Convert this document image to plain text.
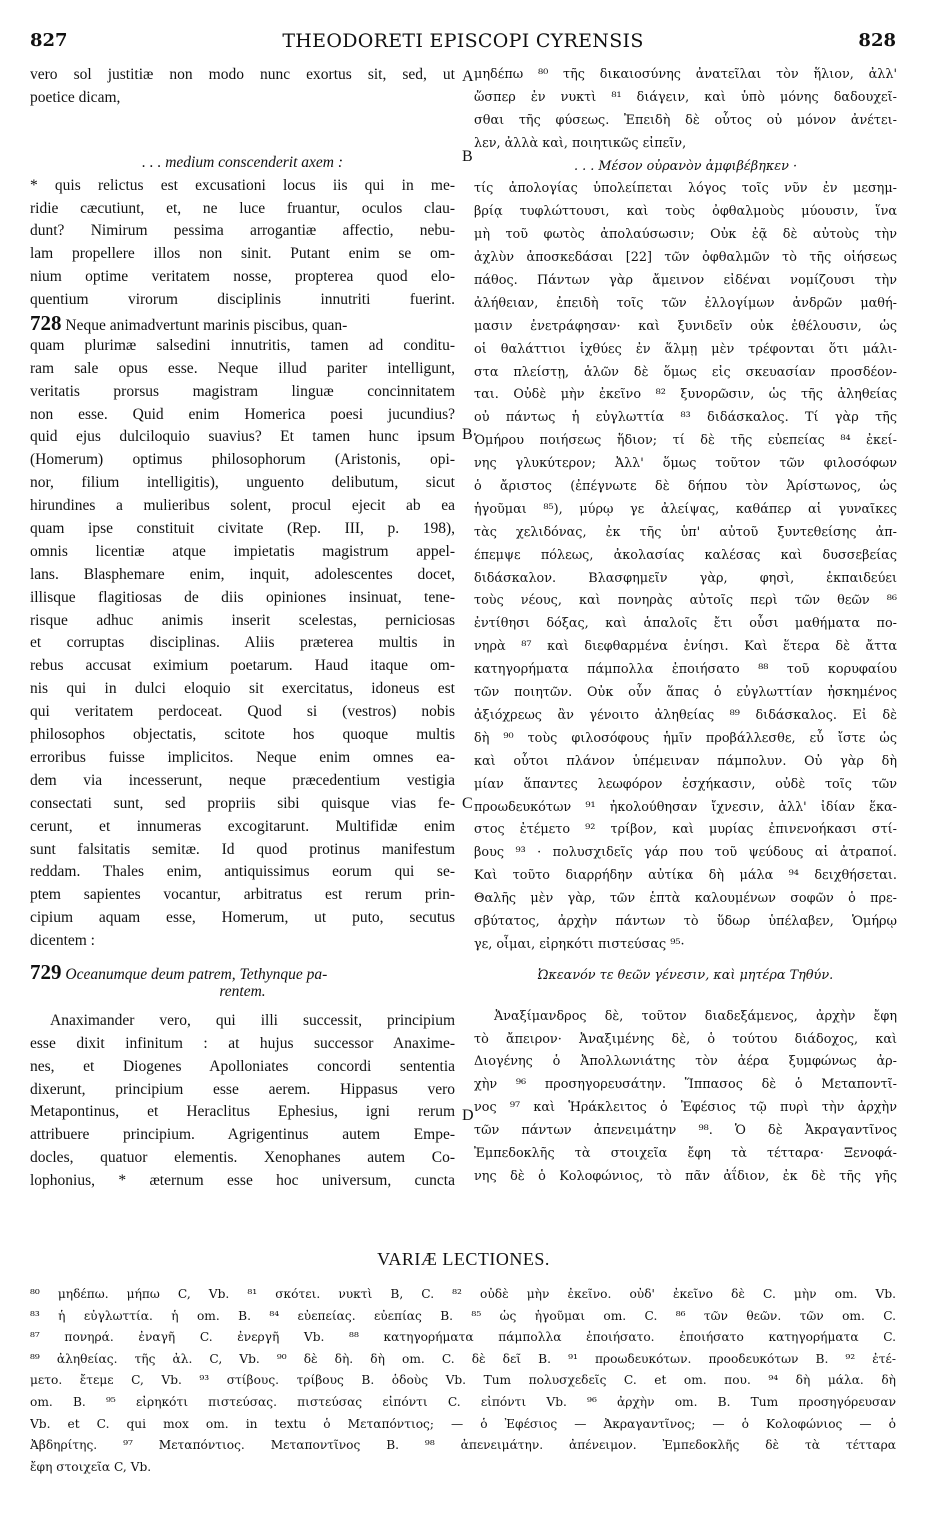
827	THEODORETI EPISCOPI CYRENSIS	828
vero sol justitiæ non modo nunc exortus sit, sed, ut
poetice dicam,
. . . medium conscenderit axem :
* quis relictus est excusationi locus iis qui in me-
ridie cæcutiunt, et, ne luce fruantur, oculos clau-
dunt? Nimirum pessima arrogantiæ affectio, nebu-
lam propellere illos non sinit. Putant enim se om-
nium optime veritatem nosse, propterea quod elo-
quentium virorum disciplinis innutriti fuerint.
728 Neque animadvertunt marinis piscibus, quan-
quam plurimæ salsedini innutritis, tamen ad conditu-
ram sale opus esse. Neque illud pariter intelligunt,
veritatis prorsus magistram linguæ concinnitatem
non esse. Quid enim Homerica poesi jucundius?
quid ejus dulciloquio suavius? Et tamen hunc ipsum
(Homerum) optimus philosophorum (Aristonis, opi-
nor, filium intelligitis), unguento delibutum, sicut
hirundines a mulieribus solent, procul ejecit ab ea
quam ipse constituit civitate (Rep. III, p. 198),
omnis licentiæ atque impietatis magistrum appel-
lans. Blasphemare enim, inquit, adolescentes docet,
illisque flagitiosas de diis opiniones insinuat, tene-
risque adhuc animis inserit scelestas, perniciosas
et corruptas disciplinas. Aliis præterea multis in
rebus accusat eximium poetarum. Haud itaque om-
nis qui in dulci eloquio sit exercitatus, idoneus est
qui veritatem perdoceat. Quod si (vestros) nobis
philosophos objectatis, scitote hos quoque multis
erroribus fuisse implicitos. Neque enim omnes ea-
dem via incesserunt, neque præcedentium vestigia
consectati sunt, sed propriis sibi quisque vias fe-
cerunt, et innumeras excogitarunt. Multifidæ enim
sunt falsitatis semitæ. Id quod protinus manifestum
reddam. Thales enim, antiquissimus eorum qui se-
ptem sapientes vocantur, arbitratus est rerum prin-
cipium aquam esse, Homerum, ut puto, secutus
dicentem :
729 Oceanumque deum patrem, Tethynque pa-
rentem.
Anaximander vero, qui illi successit, principium
esse dixit infinitum : at hujus successor Anaxime-
nes, et Diogenes Apolloniates concordi sententia
dixerunt, principium esse aerem. Hippasus vero
Metapontinus, et Heraclitus Ephesius, igni rerum
attribuere principium. Agrigentinus autem Empe-
docles, quatuor elementis. Xenophanes autem Co-
lophonius, * æternum esse hoc universum, cuncta
A
B
B
C
D
μηδέπω ⁸⁰ τῆς δικαιοσύνης ἀνατεῖλαι τὸν ἥλιον, ἀλλ'
ὥσπερ ἐν νυκτὶ ⁸¹ διάγειν, καὶ ὑπὸ μόνης δαδουχεῖ-
σθαι τῆς φύσεως. Ἐπειδὴ δὲ οὗτος οὐ μόνον ἀνέτει-
λεν, ἀλλὰ καὶ, ποιητικῶς εἰπεῖν,
. . . Μέσον οὐρανὸν ἀμφιβέβηκεν ·
τίς ἀπολογίας ὑπολείπεται λόγος τοῖς νῦν ἐν μεσημ-
βρίᾳ τυφλώττουσι, καὶ τοὺς ὀφθαλμοὺς μύουσιν, ἵνα
μὴ τοῦ φωτὸς ἀπολαύσωσιν; Οὐκ ἐᾷ δὲ αὐτοὺς τὴν
ἀχλὺν ἀποσκεδάσαι [22] τῶν ὀφθαλμῶν τὸ τῆς οἰήσεως
πάθος. Πάντων γὰρ ἄμεινον εἰδέναι νομίζουσι τὴν
ἀλήθειαν, ἐπειδὴ τοῖς τῶν ἐλλογίμων ἀνδρῶν μαθή-
μασιν ἐνετράφησαν· καὶ ξυνιδεῖν οὐκ ἐθέλουσιν, ὡς
οἱ θαλάττιοι ἰχθύες ἐν ἅλμῃ μὲν τρέφονται ὅτι μάλι-
στα πλείστῃ, ἁλῶν δὲ ὅμως εἰς σκευασίαν προσδέον-
ται. Οὐδὲ μὴν ἐκεῖνο ⁸² ξυνορῶσιν, ὡς τῆς ἀληθείας
οὐ πάντως ἡ εὐγλωττία ⁸³ διδάσκαλος. Τί γὰρ τῆς
Ὁμήρου ποιήσεως ἥδιον; τί δὲ τῆς εὐεπείας ⁸⁴ ἐκεί-
νης γλυκύτερον; Ἀλλ' ὅμως τοῦτον τῶν φιλοσόφων
ὁ ἄριστος (ἐπέγνωτε δὲ δήπου τὸν Ἀρίστωνος, ὡς
ἡγοῦμαι ⁸⁵), μύρῳ γε ἀλείψας, καθάπερ αἱ γυναῖκες
τὰς χελιδόνας, ἐκ τῆς ὑπ' αὐτοῦ ξυντεθείσης ἀπ-
έπεμψε πόλεως, ἀκολασίας καλέσας καὶ δυσσεβείας
διδάσκαλον. Βλασφημεῖν γὰρ, φησὶ, ἐκπαιδεύει
τοὺς νέους, καὶ πονηρὰς αὐτοῖς περὶ τῶν θεῶν ⁸⁶
ἐντίθησι δόξας, καὶ ἁπαλοῖς ἔτι οὖσι μαθήματα πο-
νηρὰ ⁸⁷ καὶ διεφθαρμένα ἐνίησι. Καὶ ἕτερα δὲ ἄττα
κατηγορήματα πάμπολλα ἐποιήσατο ⁸⁸ τοῦ κορυφαίου
τῶν ποιητῶν. Οὐκ οὖν ἅπας ὁ εὐγλωττίαν ἠσκημένος
ἀξιόχρεως ἂν γένοιτο ἀληθείας ⁸⁹ διδάσκαλος. Εἰ δὲ
δὴ ⁹⁰ τοὺς φιλοσόφους ἡμῖν προβάλλεσθε, εὖ ἴστε ὡς
καὶ οὗτοι πλάνον ὑπέμειναν πάμπολυν. Οὐ γὰρ δὴ
μίαν ἅπαντες λεωφόρον ἐσχήκασιν, οὐδὲ τοῖς τῶν
προωδευκότων ⁹¹ ἠκολούθησαν ἴχνεσιν, ἀλλ' ἰδίαν ἕκα-
στος ἐτέμετο ⁹² τρίβον, καὶ μυρίας ἐπινενοήκασι στί-
βους ⁹³ · πολυσχιδεῖς γάρ που τοῦ ψεύδους αἱ ἀτραποί.
Καὶ τοῦτο διαρρήδην αὐτίκα δὴ μάλα ⁹⁴ δειχθήσεται.
Θαλῆς μὲν γὰρ, τῶν ἑπτὰ καλουμένων σοφῶν ὁ πρε-
σβύτατος, ἀρχὴν πάντων τὸ ὕδωρ ὑπέλαβεν, Ὁμήρῳ
γε, οἶμαι, εἰρηκότι πιστεύσας ⁹⁵·
Ὠκεανόν τε θεῶν γένεσιν, καὶ μητέρα Τηθύν.
Ἀναξίμανδρος δὲ, τοῦτον διαδεξάμενος, ἀρχὴν ἔφη
τὸ ἄπειρον· Ἀναξιμένης δὲ, ὁ τούτου διάδοχος, καὶ
Διογένης ὁ Ἀπολλωνιάτης τὸν ἀέρα ξυμφώνως ἀρ-
χὴν ⁹⁶ προσηγορευσάτην. Ἵππασος δὲ ὁ Μεταποντῖ-
νος ⁹⁷ καὶ Ἡράκλειτος ὁ Ἐφέσιος τῷ πυρὶ τὴν ἀρχὴν
τῶν πάντων ἀπενειμάτην ⁹⁸. Ὁ δὲ Ἀκραγαντῖνος
Ἐμπεδοκλῆς τὰ στοιχεῖα ἔφη τὰ τέτταρα· Ξενοφά-
νης δὲ ὁ Κολοφώνιος, τὸ πᾶν ἀΐδιον, ἐκ δὲ τῆς γῆς
VARIÆ LECTIONES.
⁸⁰ μηδέπω. μήπω C, Vb. ⁸¹ σκότει. νυκτὶ B, C. ⁸² οὐδὲ μὴν ἐκεῖνο. οὐδ' ἐκεῖνο δὲ C. μὴν om. Vb.
⁸³ ἡ εὐγλωττία. ἡ om. B. ⁸⁴ εὐεπείας. εὐεπίας B. ⁸⁵ ὡς ἡγοῦμαι om. C. ⁸⁶ τῶν θεῶν. τῶν om. C.
⁸⁷ πονηρά. ἐναγῆ C. ἐνεργῆ Vb. ⁸⁸ κατηγορήματα πάμπολλα ἐποιήσατο. ἐποιήσατο κατηγορήματα C.
⁸⁹ ἀληθείας. τῆς ἀλ. C, Vb. ⁹⁰ δὲ δὴ. δὴ om. C. δὲ δεῖ B. ⁹¹ προωδευκότων. προοδευκότων B. ⁹² ἐτέ-
μετο. ἔτεμε C, Vb. ⁹³ στίβους. τρίβους B. ὁδοὺς Vb. Tum πολυσχεδεῖς C. et om. που. ⁹⁴ δὴ μάλα. δὴ
om. B. ⁹⁵ εἰρηκότι πιστεύσας. πιστεύσας εἰπόντι C. εἰπόντι Vb. ⁹⁶ ἀρχὴν om. B. Tum προσηγόρευσαν
Vb. et C. qui mox om. in textu ὁ Μεταπόντιος; — ὁ Ἐφέσιος — Ἀκραγαντῖνος; — ὁ Κολοφώνιος — ὁ
Ἀβδηρίτης. ⁹⁷ Μεταπόντιος. Μεταποντῖνος B. ⁹⁸ ἀπενειμάτην. ἀπένειμον. Ἐμπεδοκλῆς δὲ τὰ τέτταρα
ἔφη στοιχεῖα C, Vb.
